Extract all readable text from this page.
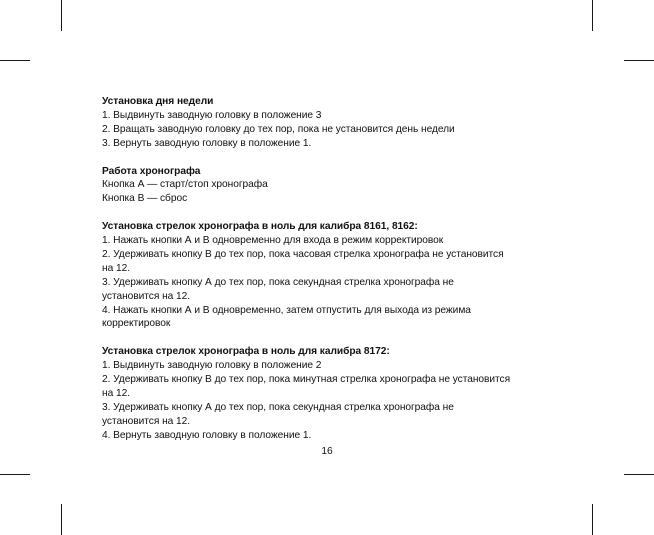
Установка дня недели
1. Выдвинуть заводную головку в положение 3
2. Вращать заводную головку до тех пор, пока не установится день недели
3. Вернуть заводную головку в положение 1.
Работа хронографа
Кнопка А — старт/стоп хронографа
Кнопка В — сброс
Установка стрелок хронографа в ноль для калибра 8161, 8162:
1. Нажать кнопки А и В одновременно для входа в режим корректировок
2. Удерживать кнопку В до тех пор, пока часовая стрелка хронографа не установится
на 12.
3. Удерживать кнопку А до тех пор, пока секундная стрелка хронографа не
установится на 12.
4. Нажать кнопки А и В одновременно, затем отпустить для выхода из режима
корректировок
Установка стрелок хронографа в ноль для калибра 8172:
1. Выдвинуть заводную головку в положение 2
2. Удерживать кнопку В до тех пор, пока минутная стрелка хронографа не установится
на 12.
3. Удерживать кнопку А до тех пор, пока секундная стрелка хронографа не
установится на 12.
4. Вернуть заводную головку в положение 1.
16
